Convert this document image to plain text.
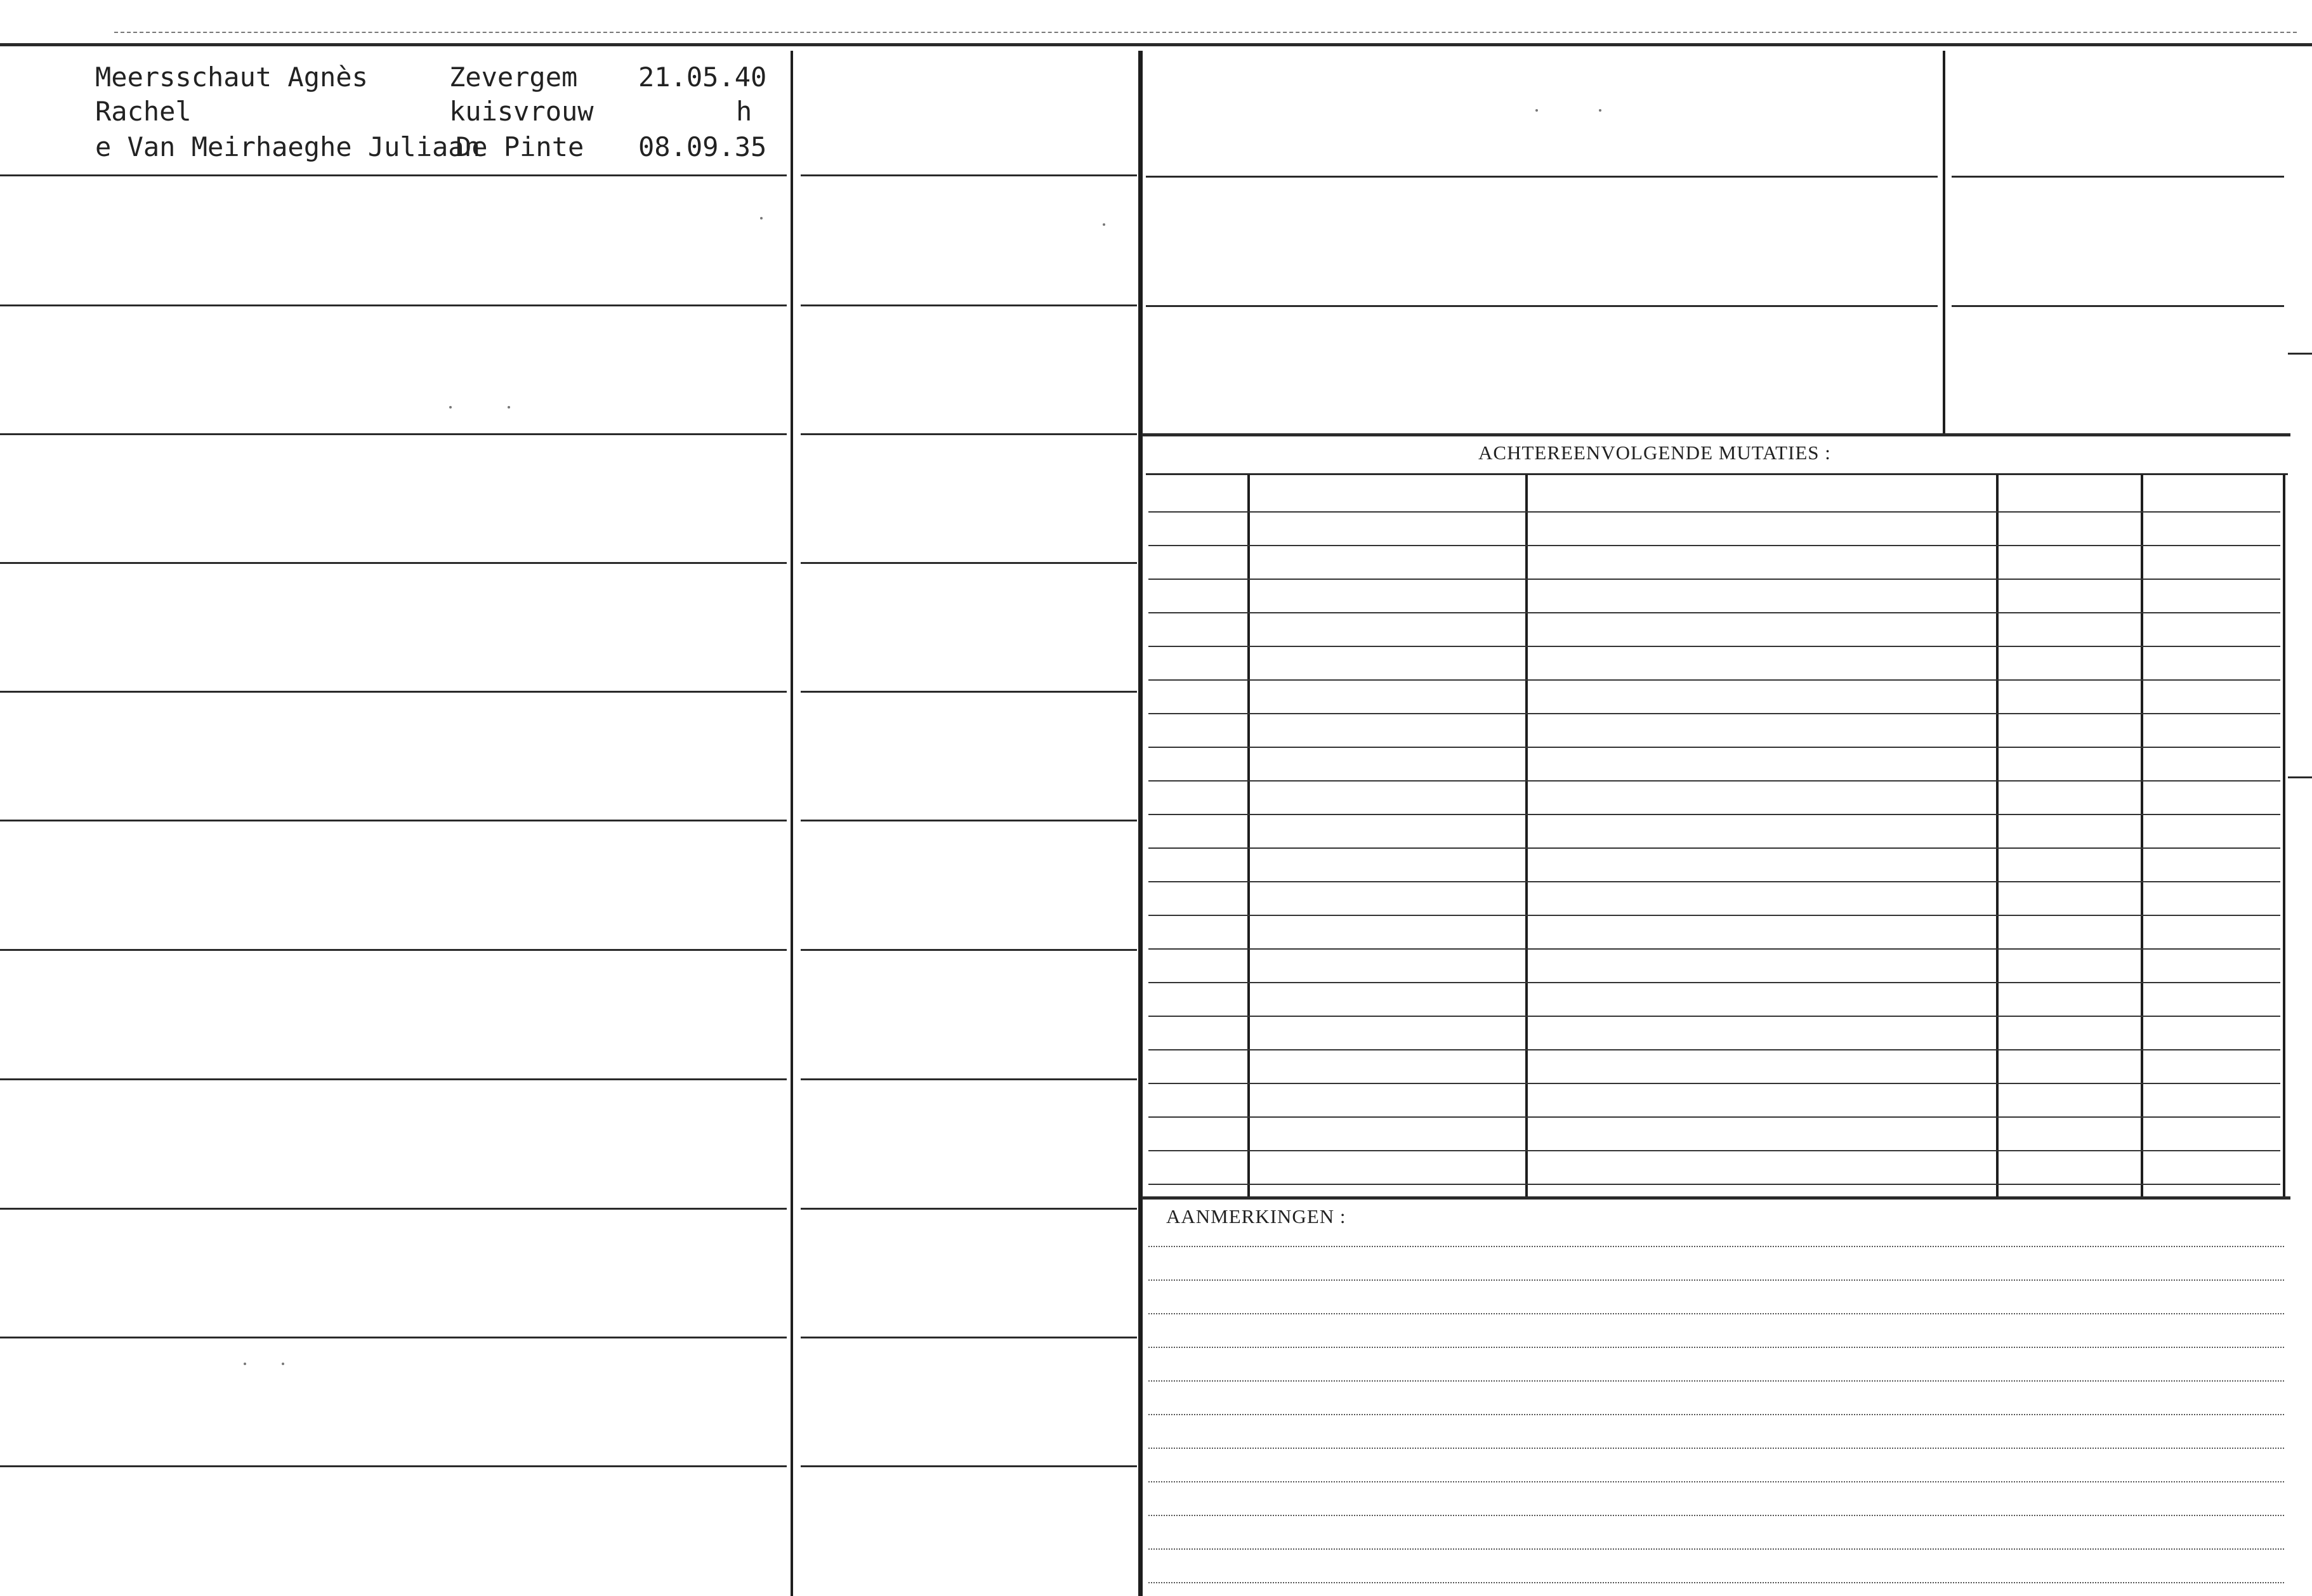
Meersschaut Agnès
Rachel
e Van Meirhaeghe Juliaan
Zevergem
kuisvrouw
De Pinte
21.05.40
h
08.09.35
ACHTEREENVOLGENDE MUTATIES :
AANMERKINGEN :
